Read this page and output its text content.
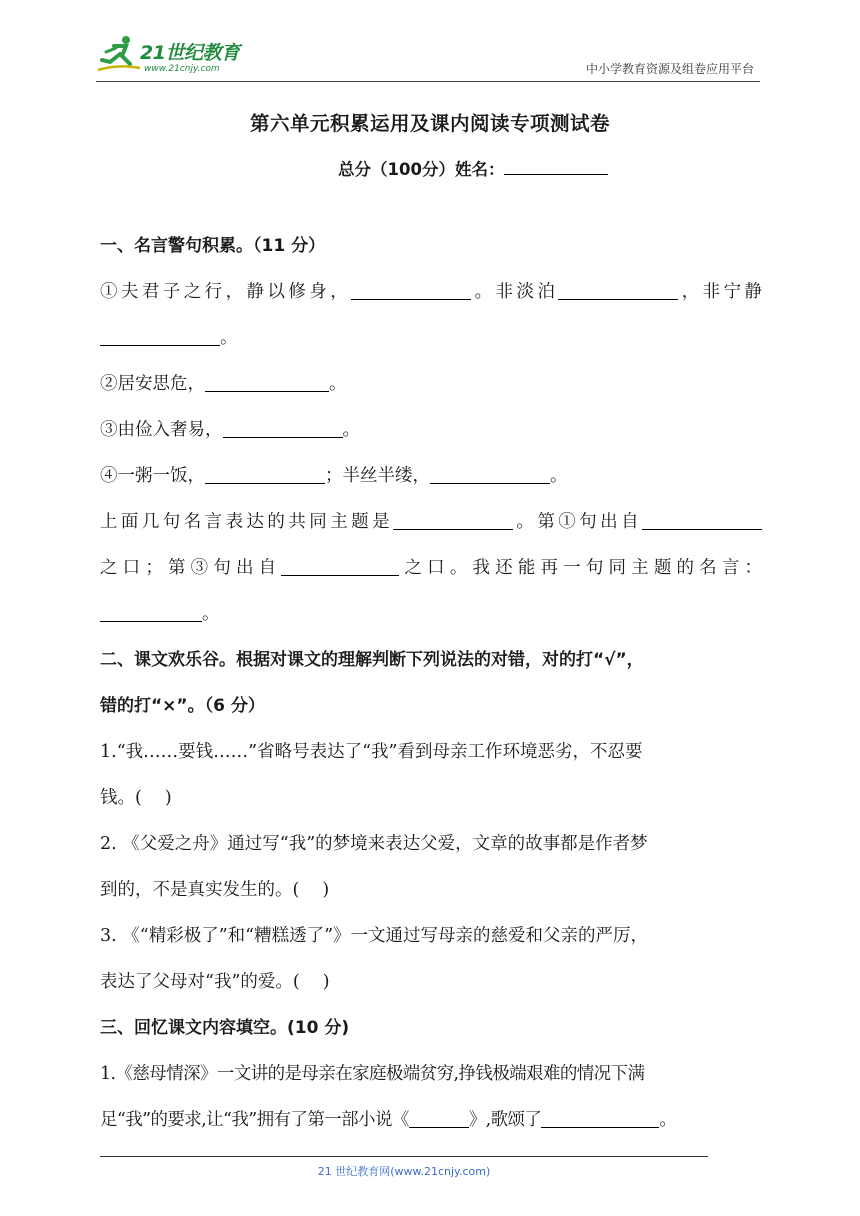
21世纪教育
www.21cnjy.com	中小学教育资源及组卷应用平台
第六单元积累运用及课内阅读专项测试卷
总分（100分）姓名：
一、名言警句积累。（11 分）
①夫君子之行，静以修身，	。非淡泊	，非宁静
。
②居安思危，	。
③由俭入奢易，	。
④一粥一饭，	；半丝半缕，	。
上面几句名言表达的共同主题是	。第①句出自
之口；第③句出自	之口。我还能再一句同主题的名言：
。
二、课文欢乐谷。根据对课文的理解判断下列说法的对错，对的打“√”，
错的打“×”。（6 分）
1.“我……要钱……”省略号表达了“我”看到母亲工作环境恶劣，不忍要
钱。(　 )
2. 《父爱之舟》通过写“我”的梦境来表达父爱，文章的故事都是作者梦
到的，不是真实发生的。(　 )
3. 《“精彩极了”和“糟糕透了”》一文通过写母亲的慈爱和父亲的严厉，
表达了父母对“我”的爱。(　 )
三、回忆课文内容填空。(10 分)
1.《慈母情深》一文讲的是母亲在家庭极端贫穷,挣钱极端艰难的情况下满
足“我”的要求,让“我”拥有了第一部小说《	》,歌颂了	。
21 世纪教育网(www.21cnjy.com)
